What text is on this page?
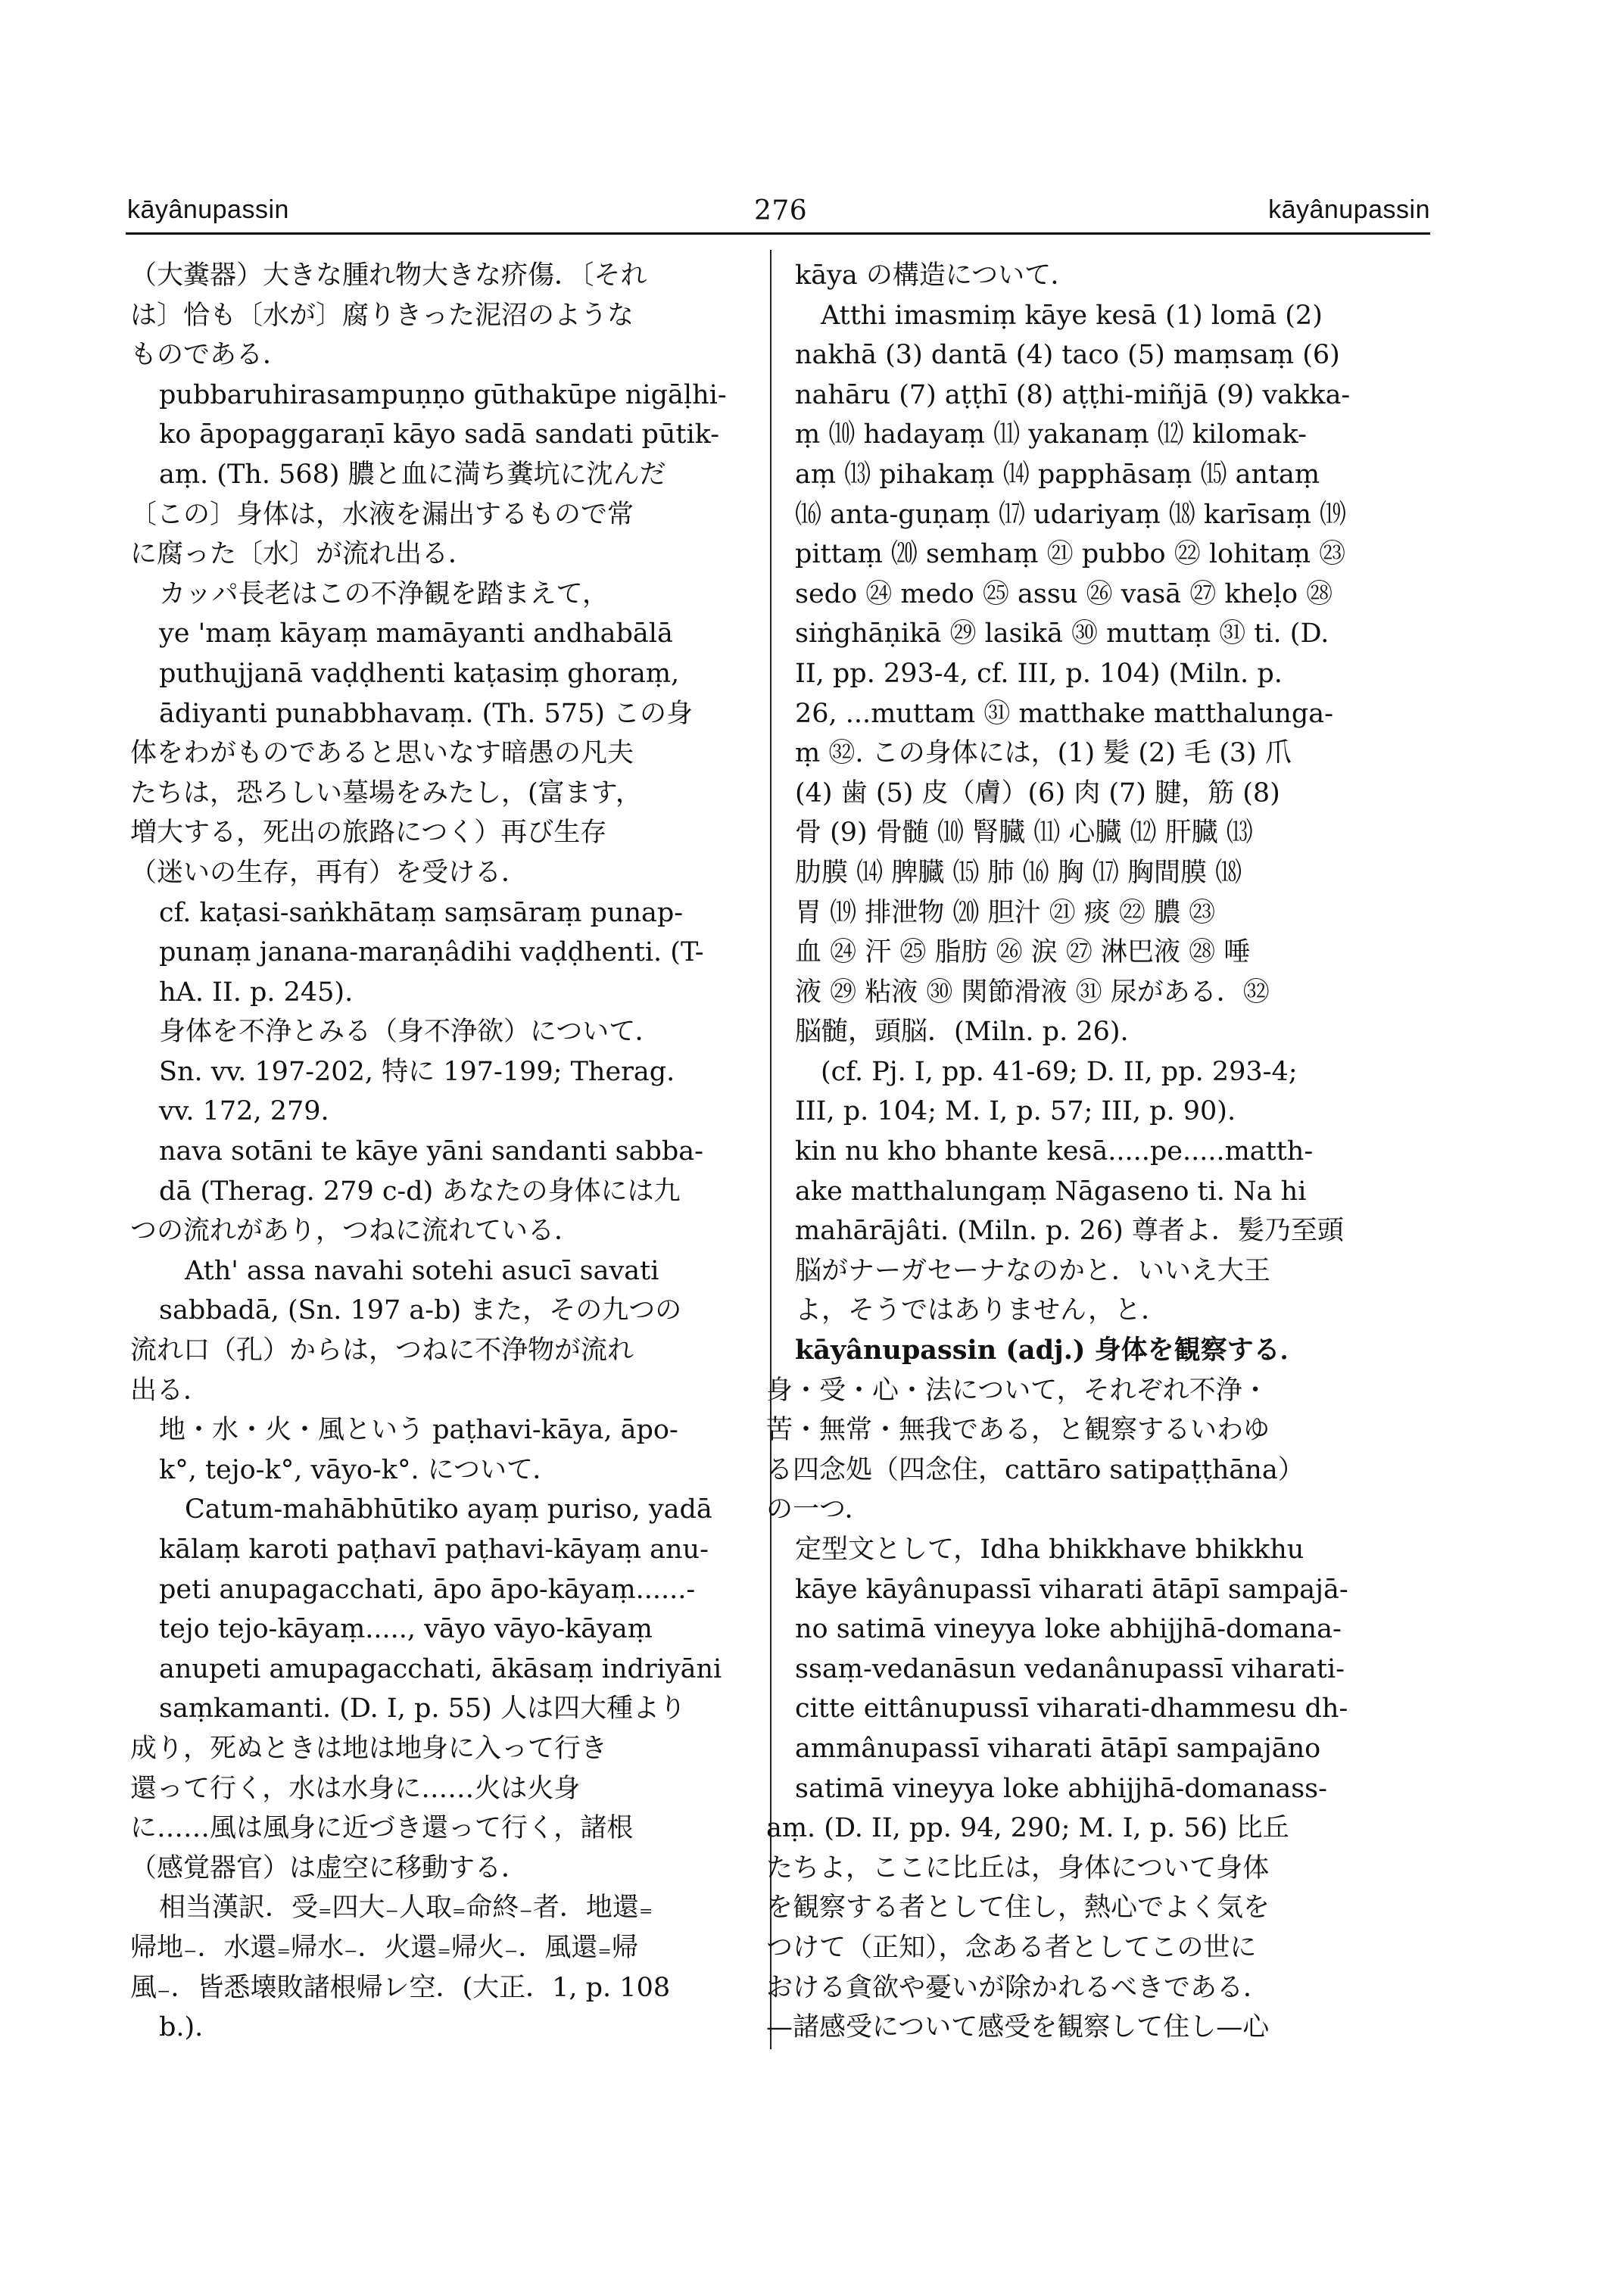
kāyânupassin	276	kāyânupassin
（大糞器）大きな腫れ物大きな疥傷．〔それ
は〕恰も〔水が〕腐りきった泥沼のような
ものである．
pubbaruhirasampuṇṇo gūthakūpe nigāḷhi-
ko āpopaggaraṇī kāyo sadā sandati pūtik-
aṃ. (Th. 568) 膿と血に満ち糞坑に沈んだ
〔この〕身体は，水液を漏出するもので常
に腐った〔水〕が流れ出る．
カッパ長老はこの不浄観を踏まえて，
ye 'maṃ kāyaṃ mamāyanti andhabālā
puthujjanā vaḍḍhenti kaṭasiṃ ghoraṃ,
ādiyanti punabbhavaṃ. (Th. 575) この身
体をわがものであると思いなす暗愚の凡夫
たちは，恐ろしい墓場をみたし，(富ます，
増大する，死出の旅路につく）再び生存
（迷いの生存，再有）を受ける．
cf. kaṭasi-saṅkhātaṃ saṃsāraṃ punap-
punaṃ janana-maraṇâdihi vaḍḍhenti. (T-
hA. II. p. 245).
身体を不浄とみる（身不浄欲）について．
Sn. vv. 197-202, 特に 197-199; Therag.
vv. 172, 279.
nava sotāni te kāye yāni sandanti sabba-
dā (Therag. 279 c-d) あなたの身体には九
つの流れがあり，つねに流れている．
Ath' assa navahi sotehi asucī savati
sabbadā, (Sn. 197 a-b) また，その九つの
流れ口（孔）からは，つねに不浄物が流れ
出る．
地・水・火・風という paṭhavi-kāya, āpo-
k°, tejo-k°, vāyo-k°. について．
Catum-mahābhūtiko ayaṃ puriso, yadā
kālaṃ karoti paṭhavī paṭhavi-kāyaṃ anu-
peti anupagacchati, āpo āpo-kāyaṃ......-
tejo tejo-kāyaṃ....., vāyo vāyo-kāyaṃ
anupeti amupagacchati, ākāsaṃ indriyāni
saṃkamanti. (D. I, p. 55) 人は四大種より
成り，死ぬときは地は地身に入って行き
還って行く，水は水身に……火は火身
に……風は風身に近づき還って行く，諸根
（感覚器官）は虚空に移動する．
相当漢訳．受₌四大₋人取₌命終₋者．地還₌
帰地₋．水還₌帰水₋．火還₌帰火₋．風還₌帰
風₋．皆悉壊敗諸根帰レ空．(大正．1, p. 108
b.).
kāya の構造について．
Atthi imasmiṃ kāye kesā (1) lomā (2)
nakhā (3) dantā (4) taco (5) maṃsaṃ (6)
nahāru (7) aṭṭhī (8) aṭṭhi-miñjā (9) vakka-
ṃ ⑽ hadayaṃ ⑾ yakanaṃ ⑿ kilomak-
aṃ ⒀ pihakaṃ ⒁ papphāsaṃ ⒂ antaṃ
⒃ anta-guṇaṃ ⒄ udariyaṃ ⒅ karīsaṃ ⒆
pittaṃ ⒇ semhaṃ ㉑ pubbo ㉒ lohitaṃ ㉓
sedo ㉔ medo ㉕ assu ㉖ vasā ㉗ kheḷo ㉘
siṅghāṇikā ㉙ lasikā ㉚ muttaṃ ㉛ ti. (D.
II, pp. 293-4, cf. III, p. 104) (Miln. p.
26, ...muttam ㉛ matthake matthalunga-
ṃ ㉜. この身体には，(1) 髪 (2) 毛 (3) 爪
(4) 歯 (5) 皮（膚）(6) 肉 (7) 腱，筋 (8)
骨 (9) 骨髄 ⑽ 腎臓 ⑾ 心臓 ⑿ 肝臓 ⒀
肋膜 ⒁ 脾臓 ⒂ 肺 ⒃ 胸 ⒄ 胸間膜 ⒅
胃 ⒆ 排泄物 ⒇ 胆汁 ㉑ 痰 ㉒ 膿 ㉓
血 ㉔ 汗 ㉕ 脂肪 ㉖ 涙 ㉗ 淋巴液 ㉘ 唾
液 ㉙ 粘液 ㉚ 関節滑液 ㉛ 尿がある．㉜
脳髄，頭脳．(Miln. p. 26).
(cf. Pj. I, pp. 41-69; D. II, pp. 293-4;
III, p. 104; M. I, p. 57; III, p. 90).
kin nu kho bhante kesā.....pe.....matth-
ake matthalungaṃ Nāgaseno ti. Na hi
mahārājâti. (Miln. p. 26) 尊者よ．髪乃至頭
脳がナーガセーナなのかと．いいえ大王
よ，そうではありません，と．
kāyânupassin (adj.) 身体を観察する．
身・受・心・法について，それぞれ不浄・
苦・無常・無我である，と観察するいわゆ
る四念処（四念住，cattāro satipaṭṭhāna）
の一つ．
定型文として，Idha bhikkhave bhikkhu
kāye kāyânupassī viharati ātāpī sampajā-
no satimā vineyya loke abhijjhā-domana-
ssaṃ-vedanāsun vedanânupassī viharati-
citte eittânupussī viharati-dhammesu dh-
ammânupassī viharati ātāpī sampajāno
satimā vineyya loke abhijjhā-domanass-
aṃ. (D. II, pp. 94, 290; M. I, p. 56) 比丘
たちよ，ここに比丘は，身体について身体
を観察する者として住し，熱心でよく気を
つけて（正知），念ある者としてこの世に
おける貪欲や憂いが除かれるべきである．
—諸感受について感受を観察して住し—心
